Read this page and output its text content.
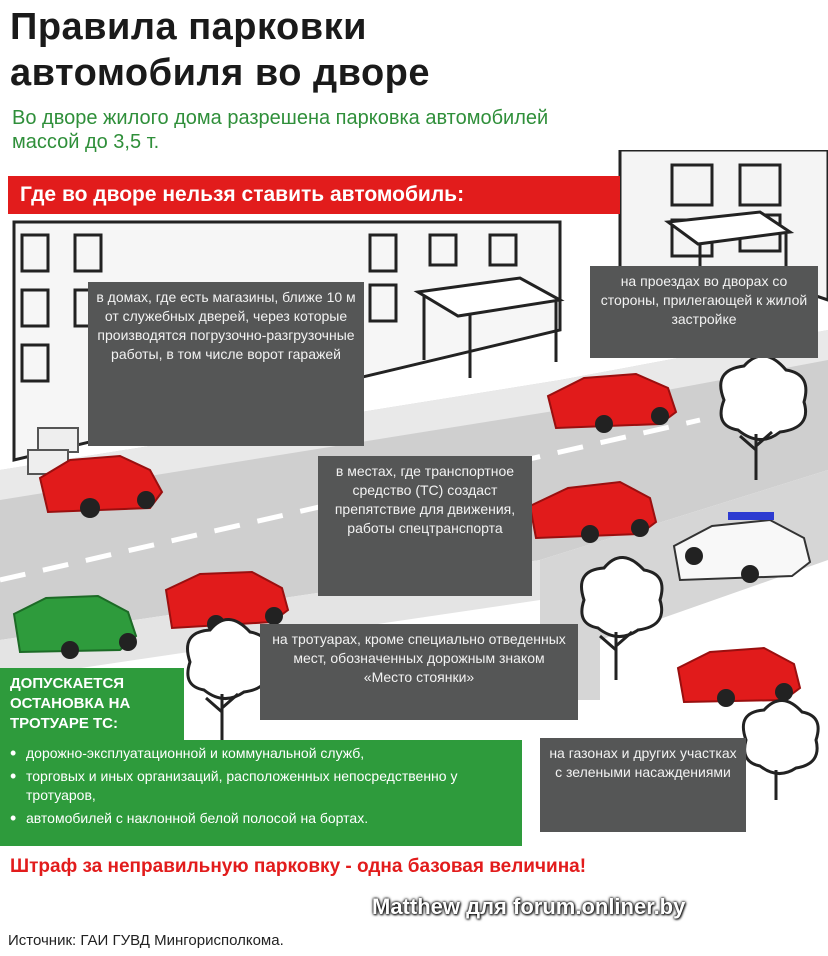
Правила парковки
автомобиля во дворе
Во дворе жилого дома разрешена парковка автомобилей
массой до 3,5 т.
Где во дворе нельзя ставить автомобиль:
в домах, где есть магазины, ближе 10 м от служебных дверей, через которые производятся погрузочно-разгрузочные работы, в том числе ворот гаражей
на проездах во дворах со стороны, прилегающей к жилой застройке
в местах, где транспортное средство (ТС) создаст препятствие для движения, работы спецтранспорта
на тротуарах, кроме специально отведенных мест, обозначенных дорожным знаком «Место стоянки»
на газонах и других участках с зелеными насаждениями
ДОПУСКАЕТСЯ ОСТАНОВКА НА ТРОТУАРЕ ТС:
• дорожно-эксплуатационной и коммунальной служб,
• торговых и иных организаций, расположенных непосредственно у тротуаров,
• автомобилей с наклонной белой полосой на бортах.
Штраф за неправильную парковку - одна базовая величина!
Matthew для forum.onliner.by
Источник: ГАИ ГУВД Мингорисполкома.
